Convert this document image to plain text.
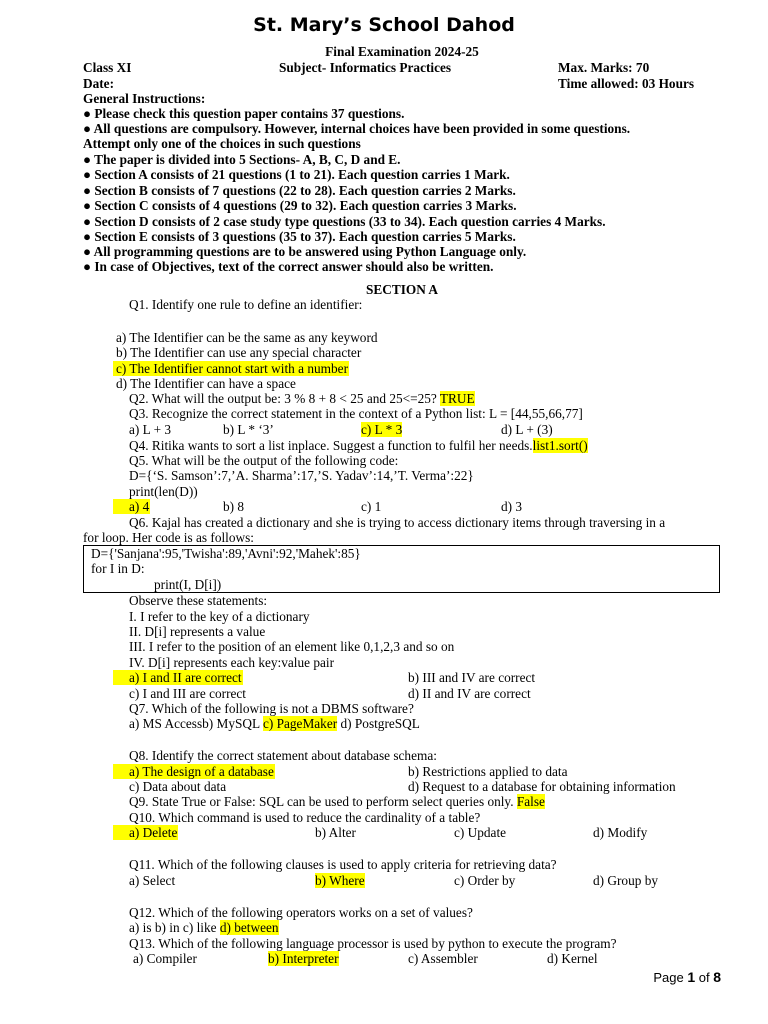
St. Mary’s School Dahod
Final Examination 2024-25
Class XI	Subject- Informatics Practices	Max. Marks: 70
Date:	Time allowed: 03 Hours
General Instructions:
● Please check this question paper contains 37 questions.
● All questions are compulsory. However, internal choices have been provided in some questions.
Attempt only one of the choices in such questions
● The paper is divided into 5 Sections- A, B, C, D and E.
● Section A consists of 21 questions (1 to 21). Each question carries 1 Mark.
● Section B consists of 7 questions (22 to 28). Each question carries 2 Marks.
● Section C consists of 4 questions (29 to 32). Each question carries 3 Marks.
● Section D consists of 2 case study type questions (33 to 34). Each question carries 4 Marks.
● Section E consists of 3 questions (35 to 37). Each question carries 5 Marks.
● All programming questions are to be answered using Python Language only.
● In case of Objectives, text of the correct answer should also be written.
SECTION A
Q1. Identify one rule to define an identifier:
a) The Identifier can be the same as any keyword
b) The Identifier can use any special character
c) The Identifier cannot start with a number
d) The Identifier can have a space
Q2. What will the output be: 3 % 8 + 8 < 25 and 25<=25? TRUE
Q3. Recognize the correct statement in the context of a Python list: L = [44,55,66,77]
a) L + 3	b) L * ‘3’	c) L * 3	d) L + (3)
Q4. Ritika wants to sort a list inplace. Suggest a function to fulfil her needs.list1.sort()
Q5. What will be the output of the following code:
D={‘S. Samson’:7,’A. Sharma’:17,’S. Yadav’:14,’T. Verma’:22}
print(len(D))
a) 4	b) 8	c) 1	d) 3
Q6. Kajal has created a dictionary and she is trying to access dictionary items through traversing in a
for loop. Her code is as follows:
D={'Sanjana':95,'Twisha':89,'Avni':92,'Mahek':85}
for I in D:
print(I, D[i])
Observe these statements:
I. I refer to the key of a dictionary
II. D[i] represents a value
III. I refer to the position of an element like 0,1,2,3 and so on
IV. D[i] represents each key:value pair
a) I and II are correct	b) III and IV are correct
c) I and III are correct	d) II and IV are correct
Q7. Which of the following is not a DBMS software?
a) MS Accessb) MySQL c) PageMaker d) PostgreSQL
Q8. Identify the correct statement about database schema:
a) The design of a database	b) Restrictions applied to data
c) Data about data	d) Request to a database for obtaining information
Q9. State True or False: SQL can be used to perform select queries only. False
Q10. Which command is used to reduce the cardinality of a table?
a) Delete	b) Alter	c) Update	d) Modify
Q11. Which of the following clauses is used to apply criteria for retrieving data?
a) Select	b) Where	c) Order by	d) Group by
Q12. Which of the following operators works on a set of values?
a) is b) in c) like d) between
Q13. Which of the following language processor is used by python to execute the program?
a) Compiler	b) Interpreter	c) Assembler	d) Kernel
Page 1 of 8
